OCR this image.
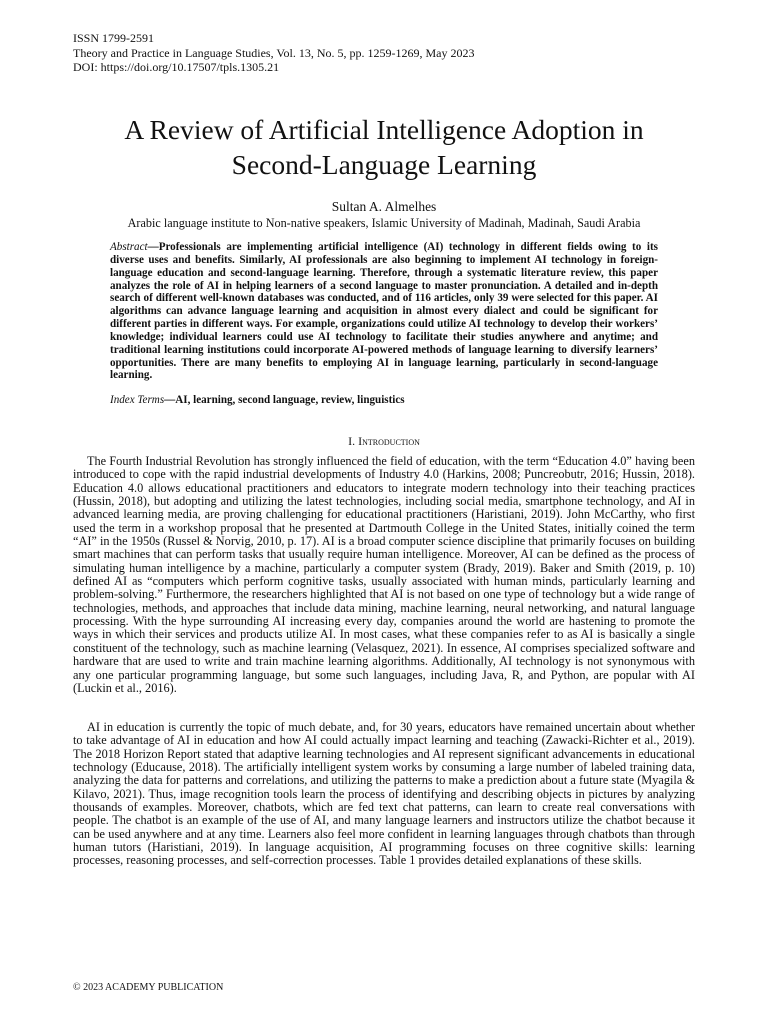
ISSN 1799-2591
Theory and Practice in Language Studies, Vol. 13, No. 5, pp. 1259-1269, May 2023
DOI: https://doi.org/10.17507/tpls.1305.21
A Review of Artificial Intelligence Adoption in
Second-Language Learning
Sultan A. Almelhes
Arabic language institute to Non-native speakers, Islamic University of Madinah, Madinah, Saudi Arabia
Abstract—Professionals are implementing artificial intelligence (AI) technology in different fields owing to its diverse uses and benefits. Similarly, AI professionals are also beginning to implement AI technology in foreign-language education and second-language learning. Therefore, through a systematic literature review, this paper analyzes the role of AI in helping learners of a second language to master pronunciation. A detailed and in-depth search of different well-known databases was conducted, and of 116 articles, only 39 were selected for this paper. AI algorithms can advance language learning and acquisition in almost every dialect and could be significant for different parties in different ways. For example, organizations could utilize AI technology to develop their workers’ knowledge; individual learners could use AI technology to facilitate their studies anywhere and anytime; and traditional learning institutions could incorporate AI-powered methods of language learning to diversify learners’ opportunities. There are many benefits to employing AI in language learning, particularly in second-language learning.
Index Terms—AI, learning, second language, review, linguistics
I. Introduction
The Fourth Industrial Revolution has strongly influenced the field of education, with the term “Education 4.0” having been introduced to cope with the rapid industrial developments of Industry 4.0 (Harkins, 2008; Puncreobutr, 2016; Hussin, 2018). Education 4.0 allows educational practitioners and educators to integrate modern technology into their teaching practices (Hussin, 2018), but adopting and utilizing the latest technologies, including social media, smartphone technology, and AI in advanced learning media, are proving challenging for educational practitioners (Haristiani, 2019). John McCarthy, who first used the term in a workshop proposal that he presented at Dartmouth College in the United States, initially coined the term “AI” in the 1950s (Russel & Norvig, 2010, p. 17). AI is a broad computer science discipline that primarily focuses on building smart machines that can perform tasks that usually require human intelligence. Moreover, AI can be defined as the process of simulating human intelligence by a machine, particularly a computer system (Brady, 2019). Baker and Smith (2019, p. 10) defined AI as “computers which perform cognitive tasks, usually associated with human minds, particularly learning and problem-solving.” Furthermore, the researchers highlighted that AI is not based on one type of technology but a wide range of technologies, methods, and approaches that include data mining, machine learning, neural networking, and natural language processing. With the hype surrounding AI increasing every day, companies around the world are hastening to promote the ways in which their services and products utilize AI. In most cases, what these companies refer to as AI is basically a single constituent of the technology, such as machine learning (Velasquez, 2021). In essence, AI comprises specialized software and hardware that are used to write and train machine learning algorithms. Additionally, AI technology is not synonymous with any one particular programming language, but some such languages, including Java, R, and Python, are popular with AI (Luckin et al., 2016).
AI in education is currently the topic of much debate, and, for 30 years, educators have remained uncertain about whether to take advantage of AI in education and how AI could actually impact learning and teaching (Zawacki-Richter et al., 2019). The 2018 Horizon Report stated that adaptive learning technologies and AI represent significant advancements in educational technology (Educause, 2018). The artificially intelligent system works by consuming a large number of labeled training data, analyzing the data for patterns and correlations, and utilizing the patterns to make a prediction about a future state (Myagila & Kilavo, 2021). Thus, image recognition tools learn the process of identifying and describing objects in pictures by analyzing thousands of examples. Moreover, chatbots, which are fed text chat patterns, can learn to create real conversations with people. The chatbot is an example of the use of AI, and many language learners and instructors utilize the chatbot because it can be used anywhere and at any time. Learners also feel more confident in learning languages through chatbots than through human tutors (Haristiani, 2019). In language acquisition, AI programming focuses on three cognitive skills: learning processes, reasoning processes, and self-correction processes. Table 1 provides detailed explanations of these skills.
© 2023 ACADEMY PUBLICATION
